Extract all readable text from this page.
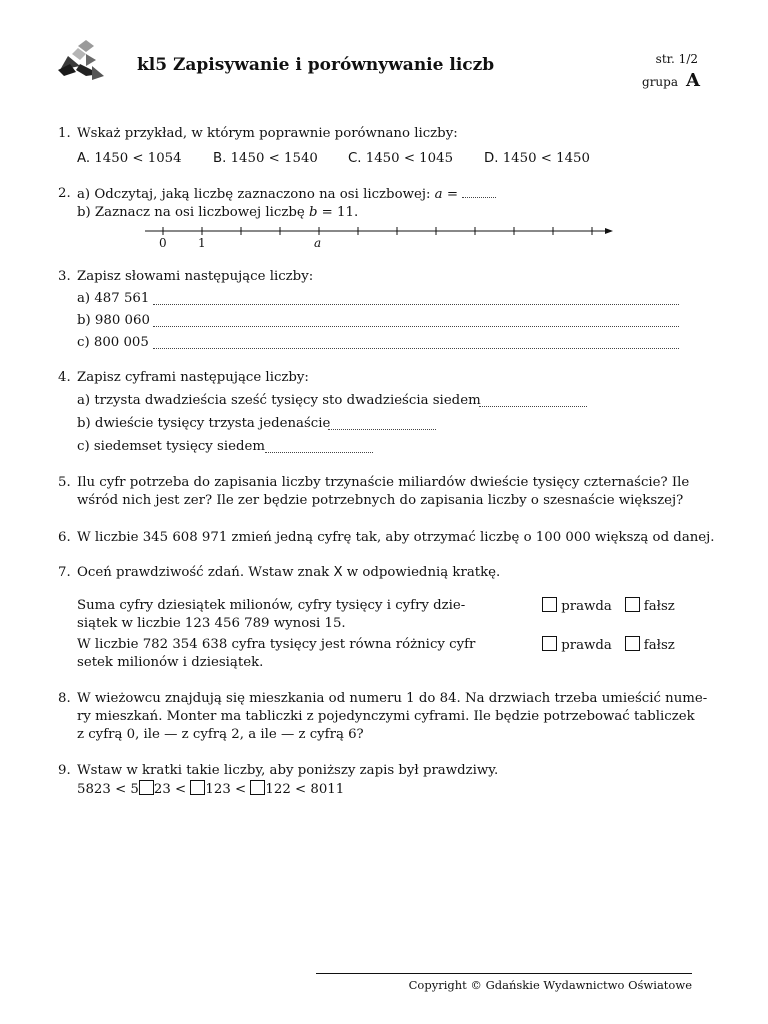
kl5 Zapisywanie i porównywanie liczb	str. 1/2
grupa A
1. Wskaż przykład, w którym poprawnie porównano liczby:
A. 1450 < 1054 B. 1450 < 1540 C. 1450 < 1045 D. 1450 < 1450
2. a) Odczytaj, jaką liczbę zaznaczono na osi liczbowej: a =
b) Zaznacz na osi liczbowej liczbę b = 11.
0	1	a
3. Zapisz słowami następujące liczby:
a) 487 561
b) 980 060
c) 800 005
4. Zapisz cyframi następujące liczby:
a) trzysta dwadzieścia sześć tysięcy sto dwadzieścia siedem
b) dwieście tysięcy trzysta jedenaście
c) siedemset tysięcy siedem
5. Ilu cyfr potrzeba do zapisania liczby trzynaście miliardów dwieście tysięcy czternaście? Ile
wśród nich jest zer? Ile zer będzie potrzebnych do zapisania liczby o szesnaście większej?
6. W liczbie 345 608 971 zmień jedną cyfrę tak, aby otrzymać liczbę o 100 000 większą od danej.
7. Oceń prawdziwość zdań. Wstaw znak X w odpowiednią kratkę.
Suma cyfry dziesiątek milionów, cyfry tysięcy i cyfry dzie-
siątek w liczbie 123 456 789 wynosi 15.
prawda fałsz
W liczbie 782 354 638 cyfra tysięcy jest równa różnicy cyfr
setek milionów i dziesiątek.
prawda fałsz
8. W wieżowcu znajdują się mieszkania od numeru 1 do 84. Na drzwiach trzeba umieścić nume-
ry mieszkań. Monter ma tabliczki z pojedynczymi cyframi. Ile będzie potrzebować tabliczek
z cyfrą 0, ile — z cyfrą 2, a ile — z cyfrą 6?
9. Wstaw w kratki takie liczby, aby poniższy zapis był prawdziwy.
5823 < 5 23 < 123 < 122 < 8011
Copyright © Gdańskie Wydawnictwo Oświatowe
